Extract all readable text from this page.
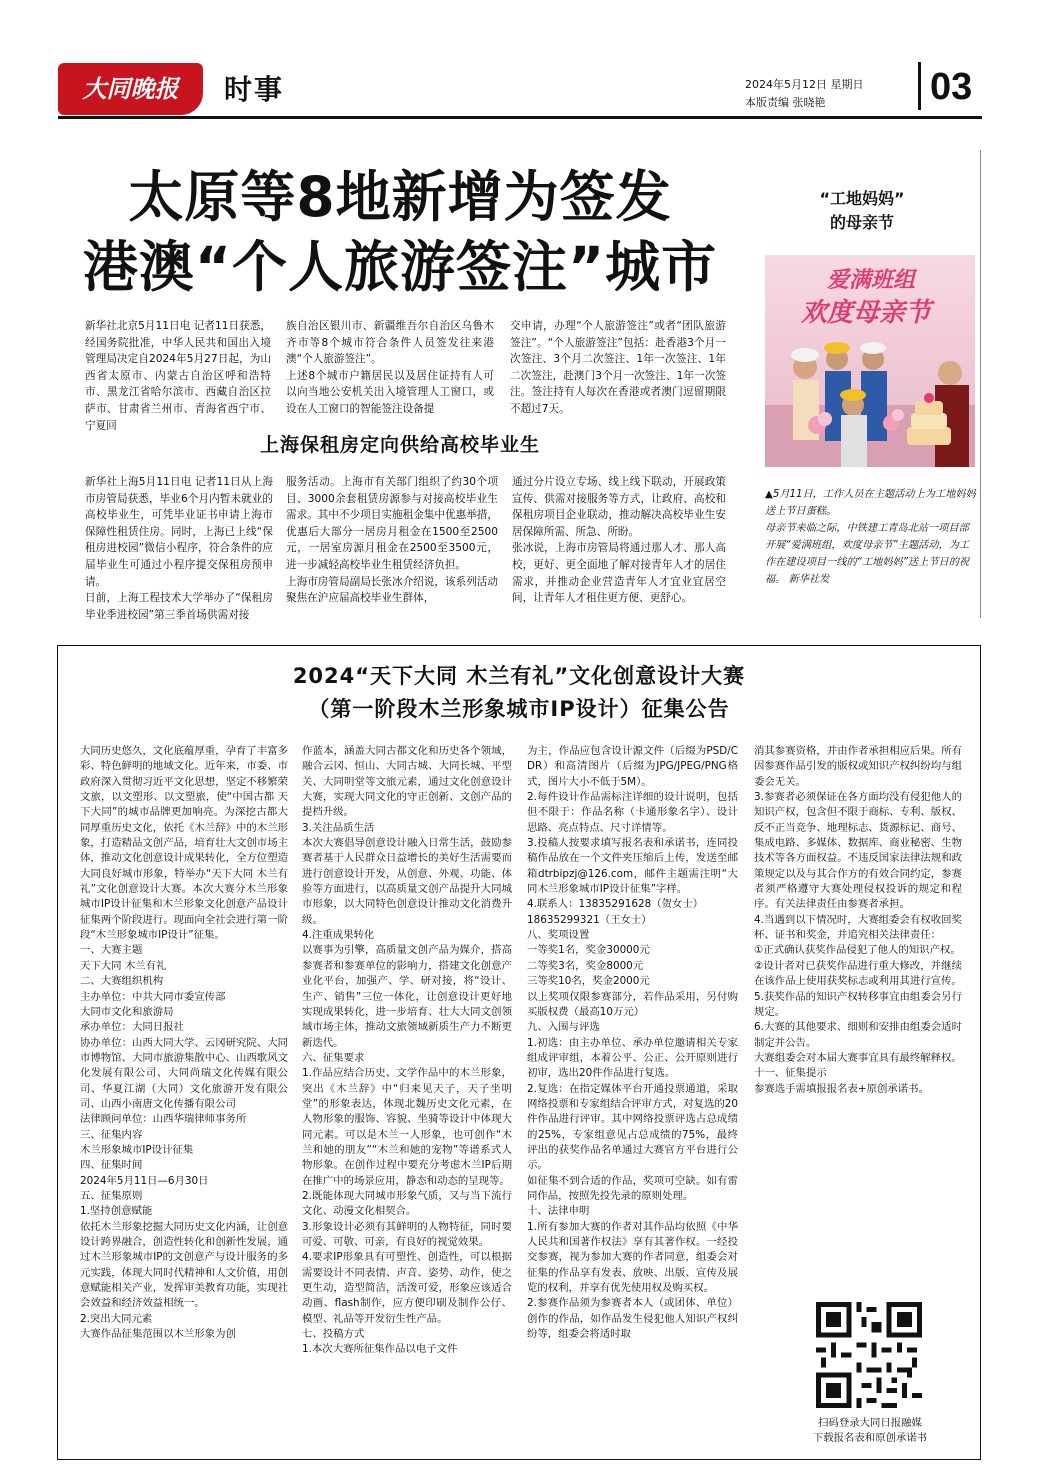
大同晚报	时事	2024年5月12日 星期日
本版责编 张晓艳	03
太原等8地新增为签发
港澳“个人旅游签注”城市
新华社北京5月11日电 记者11日获悉，经国务院批准，中华人民共和国出入境管理局决定自2024年5月27日起，为山西省太原市、内蒙古自治区呼和浩特市、黑龙江省哈尔滨市、西藏自治区拉萨市、甘肃省兰州市、青海省西宁市、宁夏回
族自治区银川市、新疆维吾尔自治区乌鲁木齐市等8个城市符合条件人员签发往来港澳“个人旅游签注”。
上述8个城市户籍居民以及居住证持有人可以向当地公安机关出入境管理人工窗口，或设在人工窗口的智能签注设备提
交申请，办理“个人旅游签注”或者“团队旅游签注”。“个人旅游签注”包括：赴香港3个月一次签注、3个月二次签注、1年一次签注、1年二次签注，赴澳门3个月一次签注、1年一次签注。签注持有人每次在香港或者澳门逗留期限不超过7天。
上海保租房定向供给高校毕业生
新华社上海5月11日电 记者11日从上海市房管局获悉，毕业6个月内暂未就业的高校毕业生，可凭毕业证书申请上海市保障性租赁住房。同时，上海已上线“保租房进校园”微信小程序，符合条件的应届毕业生可通过小程序提交保租房预申请。
日前，上海工程技术大学举办了“保租房毕业季进校园”第三季首场供需对接
服务活动。上海市有关部门组织了约30个项目、3000余套租赁房源参与对接高校毕业生需求。其中不少项目实施租金集中优惠举措，优惠后大部分一居房月租金在1500至2500元，一居室房源月租金在2500至3500元，进一步减轻高校毕业生租赁经济负担。
上海市房管局副局长张冰介绍说，该系列活动聚焦在沪应届高校毕业生群体，
通过分片设立专场、线上线下联动，开展政策宣传、供需对接服务等方式，让政府、高校和保租房项目企业联动，推动解决高校毕业生安居保障所需、所急、所盼。
张冰说，上海市房管局将通过那人才、那人高校，更好、更全面地了解对接青年人才的居住需求，并推动企业营造青年人才宜业宜居空间，让青年人才租住更方便、更舒心。
“工地妈妈”
的母亲节
爱满班组
欢度母亲节
▲5月11日，工作人员在主题活动上为工地妈妈送上节日蛋糕。
母亲节来临之际，中铁建工青岛北站一项目部开展“爱满班组，欢度母亲节”主题活动，为工作在建设项目一线的“工地妈妈”送上节日的祝福。 新华社发
2024“天下大同 木兰有礼”文化创意设计大赛
（第一阶段木兰形象城市IP设计）征集公告
大同历史悠久，文化底蕴厚重，孕育了丰富多彩、特色鲜明的地域文化。近年来，市委、市政府深入贯彻习近平文化思想，坚定不移繁荣文旅，以文塑形、以文塑旅，使“中国古都 天下大同”的城市品牌更加响亮。为深挖古都大同厚重历史文化，依托《木兰辞》中的木兰形象，打造精品文创产品，培育壮大文创市场主体，推动文化创意设计成果转化，全方位塑造大同良好城市形象，特举办“天下大同 木兰有礼”文化创意设计大赛。本次大赛分木兰形象城市IP设计征集和木兰形象文化创意产品设计征集两个阶段进行。现面向全社会进行第一阶段“木兰形象城市IP设计”征集。
一、大赛主题
天下大同 木兰有礼
二、大赛组织机构
主办单位：中共大同市委宣传部
大同市文化和旅游局
承办单位：大同日报社
协办单位：山西大同大学、云冈研究院、大同市博物馆、大同市旅游集散中心、山西歌风文化发展有限公司、大同尚瑞文化传媒有限公司、华夏江湖（大同）文化旅游开发有限公司、山西小南唐文化传播有限公司
法律顾问单位：山西华瑞律师事务所
三、征集内容
木兰形象城市IP设计征集
四、征集时间
2024年5月11日—6月30日
五、征集原则
1.坚持创意赋能
依托木兰形象挖掘大同历史文化内涵，让创意设计跨界融合，创造性转化和创新性发展，通过木兰形象城市IP的文创意产与设计服务的多元实践，体现大同时代精神和人文价值，用创意赋能相关产业，发挥审美教育功能，实现社会效益和经济效益相统一。
2.突出大同元素
大赛作品征集范围以木兰形象为创
作蓝本，涵盖大同古都文化和历史各个领域，融合云冈、恒山、大同古城、大同长城、平型关、大同明堂等文旅元素，通过文化创意设计大赛，实现大同文化的守正创新、文创产品的提档升级。
3.关注品质生活
本次大赛倡导创意设计融入日常生活，鼓励参赛者基于人民群众日益增长的美好生活需要而进行创意设计开发，从创意、外观、功能、体验等方面进行，以高质量文创产品提升大同城市形象，以大同特色创意设计推动文化消费升级。
4.注重成果转化
以赛事为引擎，高质量文创产品为媒介，搭高参赛者和参赛单位的影响力，搭建文化创意产业化平台，加强产、学、研对接，将“设计、生产、销售”三位一体化，让创意设计更好地实现成果转化，进一步培育、壮大大同文创领域市场主体，推动文旅领域新质生产力不断更新迭代。
六、征集要求
1.作品应结合历史、文学作品中的木兰形象，突出《木兰辞》中“归来见天子，天子坐明堂”的形象表达，体现北魏历史文化元素，在人物形象的服饰、容貌、坐骑等设计中体现大同元素。可以是木兰一人形象，也可创作“木兰和她的朋友”“木兰和她的宠物”等谱系式人物形象。在创作过程中要充分考虑木兰IP后期在推广中的场景应用，静态和动态的呈现等。
2.既能体现大同城市形象气质，又与当下流行文化、动漫文化相契合。
3.形象设计必须有其鲜明的人物特征，同时要可爱、可敬、可亲，有良好的视觉效果。
4.要求IP形象具有可塑性、创造性，可以根据需要设计不同表情、声音、姿势、动作，使之更生动，造型简洁，活泼可爱，形象应该适合动画、flash制作，应方便印刷及制作公仔、模型、礼品等开发衍生性产品。
七、投稿方式
1.本次大赛所征集作品以电子文件
为主，作品应包含设计源文件（后缀为PSD/CDR）和高清图片（后缀为JPG/JPEG/PNG格式，图片大小不低于5M）。
2.每件设计作品需标注详细的设计说明，包括但不限于：作品名称（卡通形象名字）、设计思路、亮点特点、尺寸详情等。
3.投稿人按要求填写报名表和承诺书，连同投稿作品放在一个文件夹压缩后上传，发送至邮箱dtrbipzj@126.com，邮件主题需注明“大同木兰形象城市IP设计征集”字样。
4.联系人：13835291628（贺女士）
18635299321（王女士）
八、奖项设置
一等奖1名，奖金30000元
二等奖3名，奖金8000元
三等奖10名，奖金2000元
以上奖项仅限参赛部分，若作品采用，另付购买版权费（最高10万元）
九、入围与评选
1.初选：由主办单位、承办单位邀请相关专家组成评审组，本着公平、公正、公开原则进行初审，选出20件作品进行复选。
2.复选：在指定媒体平台开通投票通道，采取网络投票和专家组结合评审方式，对复选的20件作品进行评审。其中网络投票评选占总成绩的25%，专家组意见占总成绩的75%，最终评出的获奖作品名单通过大赛官方平台进行公示。
如征集不到合适的作品，奖项可空缺。如有雷同作品，按照先投先录的原则处理。
十、法律申明
1.所有参加大赛的作者对其作品均依照《中华人民共和国著作权法》享有其著作权。一经投交参赛，视为参加大赛的作者同意，组委会对征集的作品享有发表、放映、出版、宣传及展览的权利，并享有优先使用权及购买权。
2.参赛作品须为参赛者本人（或团体、单位）创作的作品，如作品发生侵犯他人知识产权纠纷等，组委会将适时取
消其参赛资格，并由作者承担相应后果。所有因参赛作品引发的版权或知识产权纠纷均与组委会无关。
3.参赛者必须保证在各方面均没有侵犯他人的知识产权，包含但不限于商标、专利、版权、反不正当竞争、地理标志、货源标记、商号、集成电路、多媒体、数据库、商业秘密、生物技术等各方面权益。不违反国家法律法规和政策规定以及与其合作方的有效合同约定，参赛者须严格遵守大赛处理侵权投诉的规定和程序。有关法律责任由参赛者承担。
4.当遇到以下情况时，大赛组委会有权收回奖杯、证书和奖金，并追究相关法律责任：
①正式确认获奖作品侵犯了他人的知识产权。
②设计者对已获奖作品进行重大修改，并继续在该作品上使用获奖标志或利用其进行宣传。
5.获奖作品的知识产权转移事宜由组委会另行规定。
6.大赛的其他要求、细则和安排由组委会适时制定并公告。
大赛组委会对本届大赛事宜具有最终解释权。
十一、征集提示
参赛选手需填报报名表+原创承诺书。
扫码登录大同日报融媒
下载报名表和原创承诺书
